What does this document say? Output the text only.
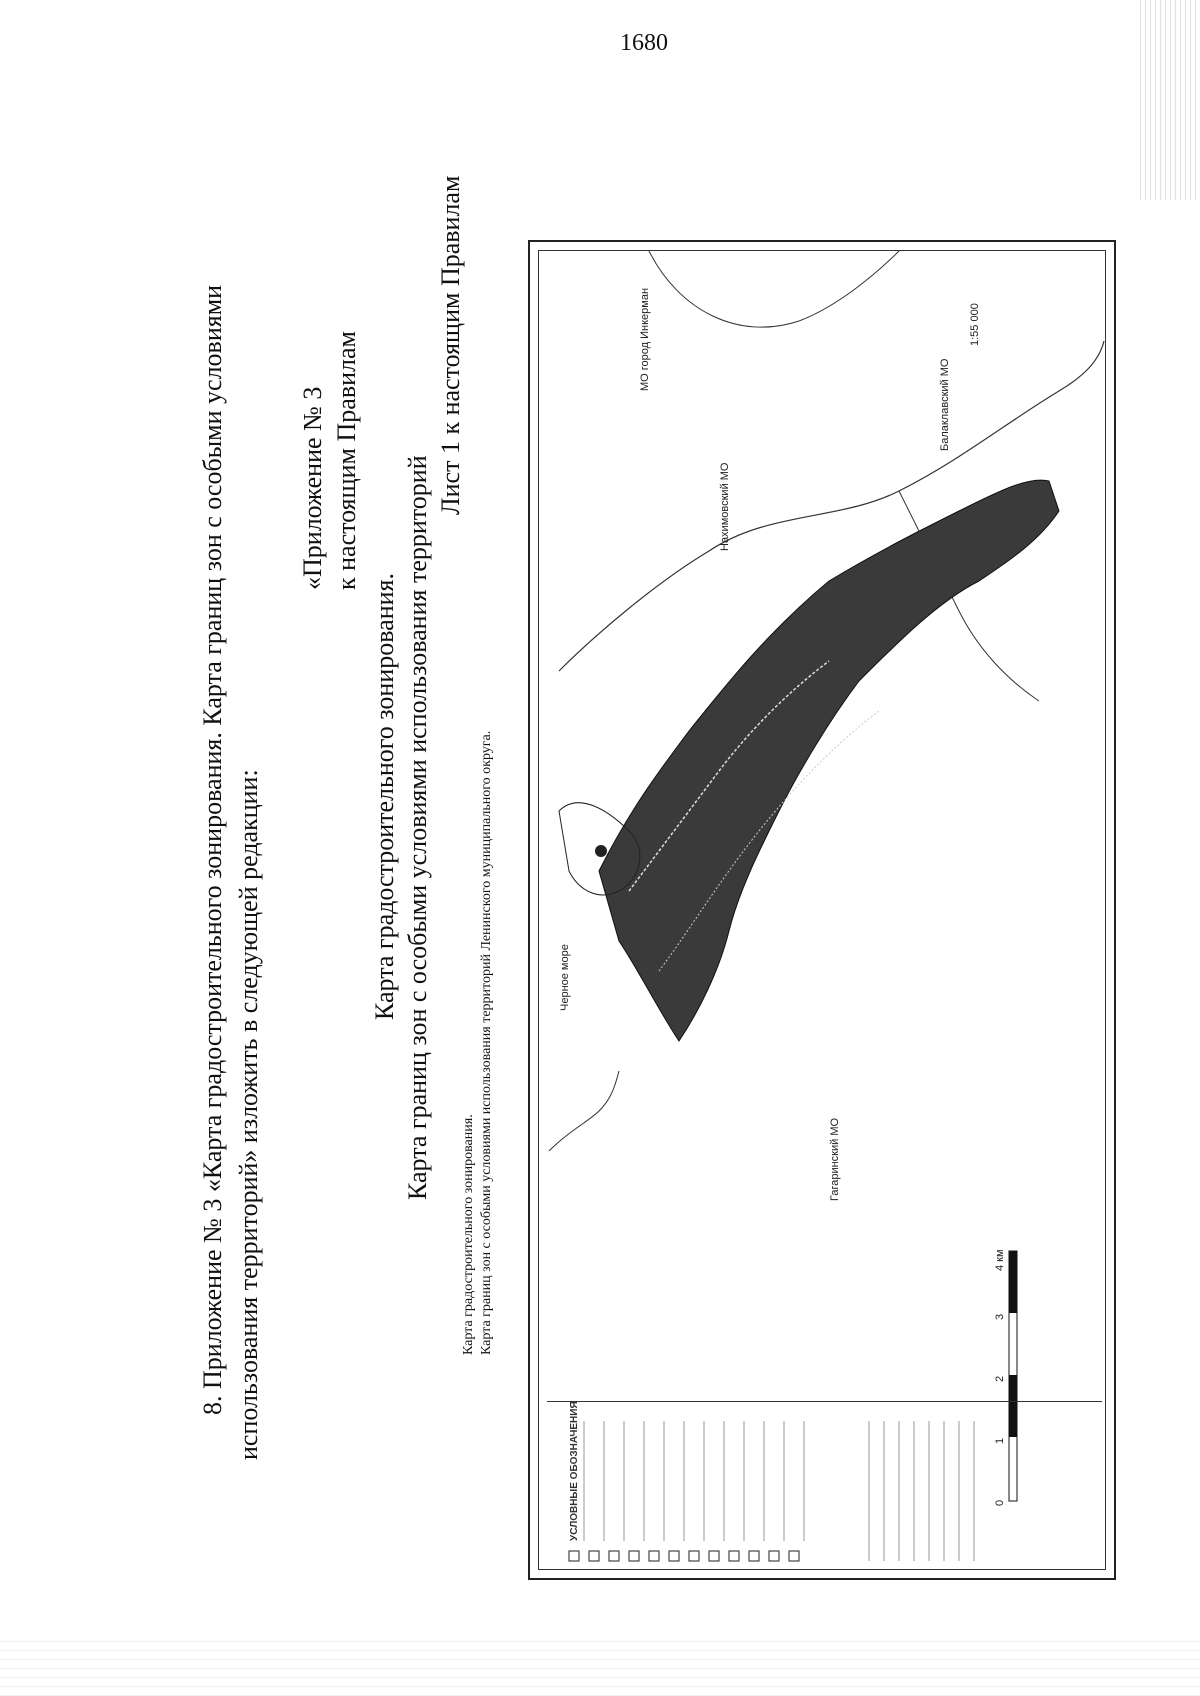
1680
8. Приложение № 3 «Карта градостроительного зонирования. Карта границ зон с особыми условиями использования территорий» изложить в следующей редакции:
«Приложение № 3 к настоящим Правилам
Карта градостроительного зонирования. Карта границ зон с особыми условиями использования территорий
Лист 1 к настоящим Правилам
Карта градостроительного зонирования. Карта границ зон с особыми условиями использования территорий Ленинского муниципального округа.	Черное море
Гагаринский МО
Нахимовский МО
МО город Инкерман
Балаклавский МО
1:55 000
0
1
2
3
4 км
УСЛОВНЫЕ ОБОЗНАЧЕНИЯ
